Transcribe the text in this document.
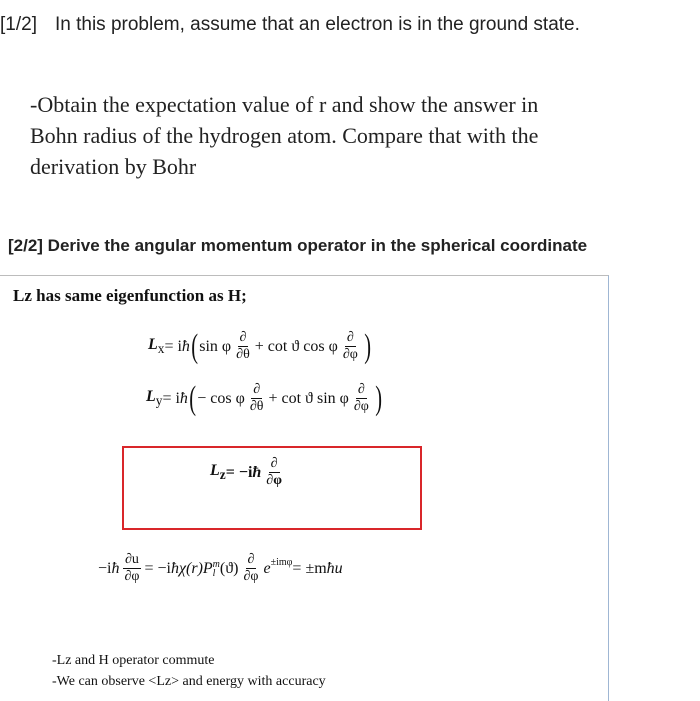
[1/2] In this problem, assume that an electron is in the ground state.
-Obtain the expectation value of r and show the answer in
Bohn radius of the hydrogen atom. Compare that with the
derivation by Bohr
[2/2] Derive the angular momentum operator in the spherical coordinate
Lz has same eigenfunction as H;
$L_x = i$ ħ ( sin φ $\frac{\partial}{\partial\theta} + \cot ϑ$ cos φ $\frac{\partial}{\partial\varphi}$ )
$L_y = i$ ħ ( − cos φ $\frac{\partial}{\partial\theta} + \cot ϑ$ sin φ $\frac{\partial}{\partial\varphi}$ )
$L_z = -i$ ħ $\frac{\partial}{\partial\varphi}$
−i ħ $\frac{\partial u}{\partial\varphi} = -i$ ħ χ(r)P m
l $(ϑ) \frac{\partial}{\partial\varphi} e^{\pm im\varphi} = \pm m$ ħ u
-Lz and H operator commute
-We can observe <Lz> and energy with accuracy
